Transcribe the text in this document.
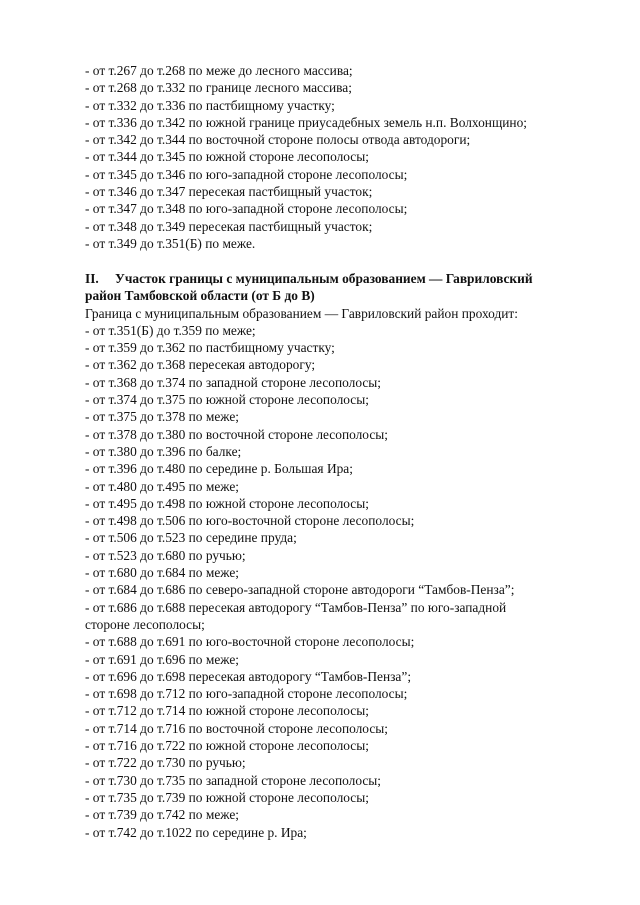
- от т.267 до т.268 по меже до лесного массива;
- от т.268 до т.332 по границе лесного массива;
- от т.332 до т.336 по пастбищному участку;
- от т.336 до т.342 по южной границе приусадебных земель н.п. Волхонщино;
- от т.342 до т.344 по восточной стороне полосы отвода автодороги;
- от т.344 до т.345 по южной стороне лесополосы;
- от т.345 до т.346 по юго-западной стороне лесополосы;
- от т.346 до т.347 пересекая пастбищный участок;
- от т.347 до т.348 по юго-западной стороне лесополосы;
- от т.348 до т.349 пересекая пастбищный участок;
- от т.349 до т.351(Б) по меже.
II. Участок границы с муниципальным образованием — Гавриловский
район Тамбовской области (от Б до В)
Граница с муниципальным образованием — Гавриловский район проходит:
- от т.351(Б) до т.359 по меже;
- от т.359 до т.362 по пастбищному участку;
- от т.362 до т.368 пересекая автодорогу;
- от т.368 до т.374 по западной стороне лесополосы;
- от т.374 до т.375 по южной стороне лесополосы;
- от т.375 до т.378 по меже;
- от т.378 до т.380 по восточной стороне лесополосы;
- от т.380 до т.396 по балке;
- от т.396 до т.480 по середине р. Большая Ира;
- от т.480 до т.495 по меже;
- от т.495 до т.498 по южной стороне лесополосы;
- от т.498 до т.506 по юго-восточной стороне лесополосы;
- от т.506 до т.523 по середине пруда;
- от т.523 до т.680 по ручью;
- от т.680 до т.684 по меже;
- от т.684 до т.686 по северо-западной стороне автодороги “Тамбов-Пенза”;
- от т.686 до т.688 пересекая автодорогу “Тамбов-Пенза” по юго-западной
стороне лесополосы;
- от т.688 до т.691 по юго-восточной стороне лесополосы;
- от т.691 до т.696 по меже;
- от т.696 до т.698 пересекая автодорогу “Тамбов-Пенза”;
- от т.698 до т.712 по юго-западной стороне лесополосы;
- от т.712 до т.714 по южной стороне лесополосы;
- от т.714 до т.716 по восточной стороне лесополосы;
- от т.716 до т.722 по южной стороне лесополосы;
- от т.722 до т.730 по ручью;
- от т.730 до т.735 по западной стороне лесополосы;
- от т.735 до т.739 по южной стороне лесополосы;
- от т.739 до т.742 по меже;
- от т.742 до т.1022 по середине р. Ира;
